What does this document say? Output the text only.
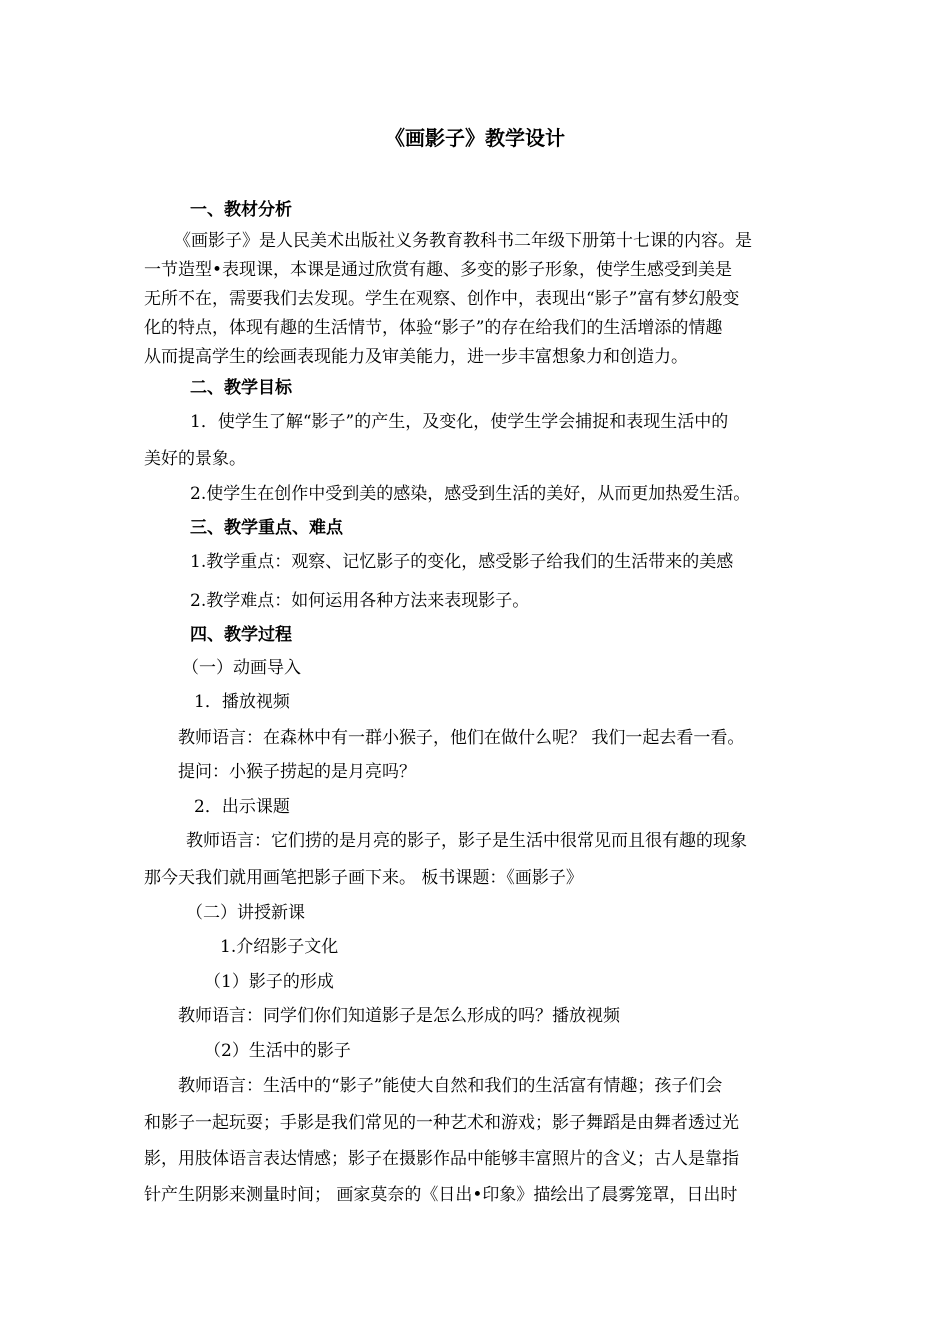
《画影子》教学设计
一、教材分析
《画影子》是人民美术出版社义务教育教科书二年级下册第十七课的内容。是
一节造型•表现课，本课是通过欣赏有趣、多变的影子形象，使学生感受到美是
无所不在，需要我们去发现。学生在观察、创作中，表现出“影子”富有梦幻般变
化的特点，体现有趣的生活情节，体验“影子”的存在给我们的生活增添的情趣
从而提高学生的绘画表现能力及审美能力，进一步丰富想象力和创造力。
二、教学目标
1．使学生了解“影子”的产生，及变化，使学生学会捕捉和表现生活中的
美好的景象。
2.使学生在创作中受到美的感染，感受到生活的美好，从而更加热爱生活。
三、教学重点、难点
1.教学重点：观察、记忆影子的变化，感受影子给我们的生活带来的美感
2.教学难点：如何运用各种方法来表现影子。
四、教学过程
（一）动画导入
1．播放视频
教师语言：在森林中有一群小猴子，他们在做什么呢？ 我们一起去看一看。
提问：小猴子捞起的是月亮吗？
2．出示课题
教师语言：它们捞的是月亮的影子，影子是生活中很常见而且很有趣的现象
那今天我们就用画笔把影子画下来。 板书课题：《画影子》
（二）讲授新课
1.介绍影子文化
（1）影子的形成
教师语言：同学们你们知道影子是怎么形成的吗？播放视频
（2）生活中的影子
教师语言：生活中的“影子”能使大自然和我们的生活富有情趣；孩子们会
和影子一起玩耍；手影是我们常见的一种艺术和游戏；影子舞蹈是由舞者透过光
影，用肢体语言表达情感；影子在摄影作品中能够丰富照片的含义；古人是靠指
针产生阴影来测量时间； 画家莫奈的《日出•印象》描绘出了晨雾笼罩，日出时
